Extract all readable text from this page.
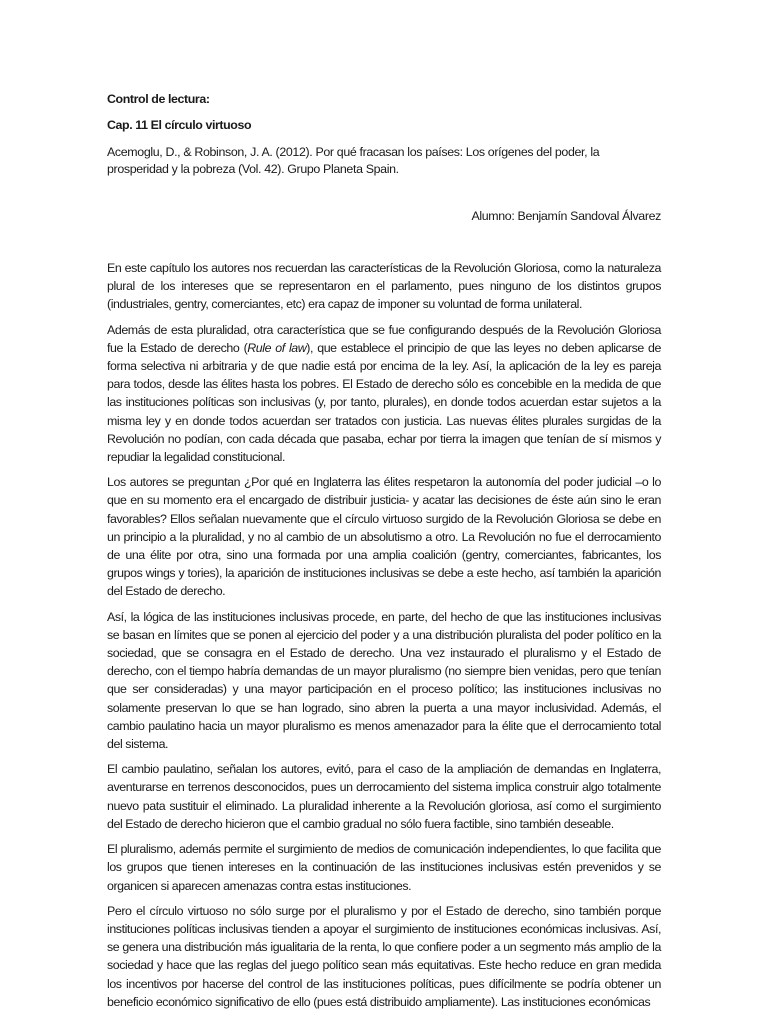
Control de lectura:
Cap. 11 El círculo virtuoso
Acemoglu, D., & Robinson, J. A. (2012). Por qué fracasan los países: Los orígenes del poder, la prosperidad y la pobreza (Vol. 42). Grupo Planeta Spain.
Alumno: Benjamín Sandoval Álvarez

En este capítulo los autores nos recuerdan las características de la Revolución Gloriosa, como la naturaleza plural de los intereses que se representaron en el parlamento, pues ninguno de los distintos grupos (industriales, gentry, comerciantes, etc) era capaz de imponer su voluntad de forma unilateral.

Además de esta pluralidad, otra característica que se fue configurando después de la Revolución Gloriosa fue la Estado de derecho (Rule of law), que establece el principio de que las leyes no deben aplicarse de forma selectiva ni arbitraria y de que nadie está por encima de la ley. Así, la aplicación de la ley es pareja para todos, desde las élites hasta los pobres. El Estado de derecho sólo es concebible en la medida de que las instituciones políticas son inclusivas (y, por tanto, plurales), en donde todos acuerdan estar sujetos a la misma ley y en donde todos acuerdan ser tratados con justicia. Las nuevas élites plurales surgidas de la Revolución no podían, con cada década que pasaba, echar por tierra la imagen que tenían de sí mismos y repudiar la legalidad constitucional.

Los autores se preguntan ¿Por qué en Inglaterra las élites respetaron la autonomía del poder judicial –o lo que en su momento era el encargado de distribuir justicia- y acatar las decisiones de éste aún sino le eran favorables? Ellos señalan nuevamente que el círculo virtuoso surgido de la Revolución Gloriosa se debe en un principio a la pluralidad, y no al cambio de un absolutismo a otro. La Revolución no fue el derrocamiento de una élite por otra, sino una formada por una amplia coalición (gentry, comerciantes, fabricantes, los grupos wings y tories), la aparición de instituciones inclusivas se debe a este hecho, así también la aparición del Estado de derecho.

Así, la lógica de las instituciones inclusivas procede, en parte, del hecho de que las instituciones inclusivas se basan en límites que se ponen al ejercicio del poder y a una distribución pluralista del poder político en la sociedad, que se consagra en el Estado de derecho. Una vez instaurado el pluralismo y el Estado de derecho, con el tiempo habría demandas de un mayor pluralismo (no siempre bien venidas, pero que tenían que ser consideradas) y una mayor participación en el proceso político; las instituciones inclusivas no solamente preservan lo que se han logrado, sino abren la puerta a una mayor inclusividad. Además, el cambio paulatino hacia un mayor pluralismo es menos amenazador para la élite que el derrocamiento total del sistema.

El cambio paulatino, señalan los autores, evitó, para el caso de la ampliación de demandas en Inglaterra, aventurarse en terrenos desconocidos, pues un derrocamiento del sistema implica construir algo totalmente nuevo pata sustituir el eliminado. La pluralidad inherente a la Revolución gloriosa, así como el surgimiento del Estado de derecho hicieron que el cambio gradual no sólo fuera factible, sino también deseable.

El pluralismo, además permite el surgimiento de medios de comunicación independientes, lo que facilita que los grupos que tienen intereses en la continuación de las instituciones inclusivas estén prevenidos y se organicen si aparecen amenazas contra estas instituciones.

Pero el círculo virtuoso no sólo surge por el pluralismo y por el Estado de derecho, sino también porque instituciones políticas inclusivas tienden a apoyar el surgimiento de instituciones económicas inclusivas. Así, se genera una distribución más igualitaria de la renta, lo que confiere poder a un segmento más amplio de la sociedad y hace que las reglas del juego político sean más equitativas. Este hecho reduce en gran medida los incentivos por hacerse del control de las instituciones políticas, pues difícilmente se podría obtener un beneficio económico significativo de ello (pues está distribuido ampliamente). Las instituciones económicas
